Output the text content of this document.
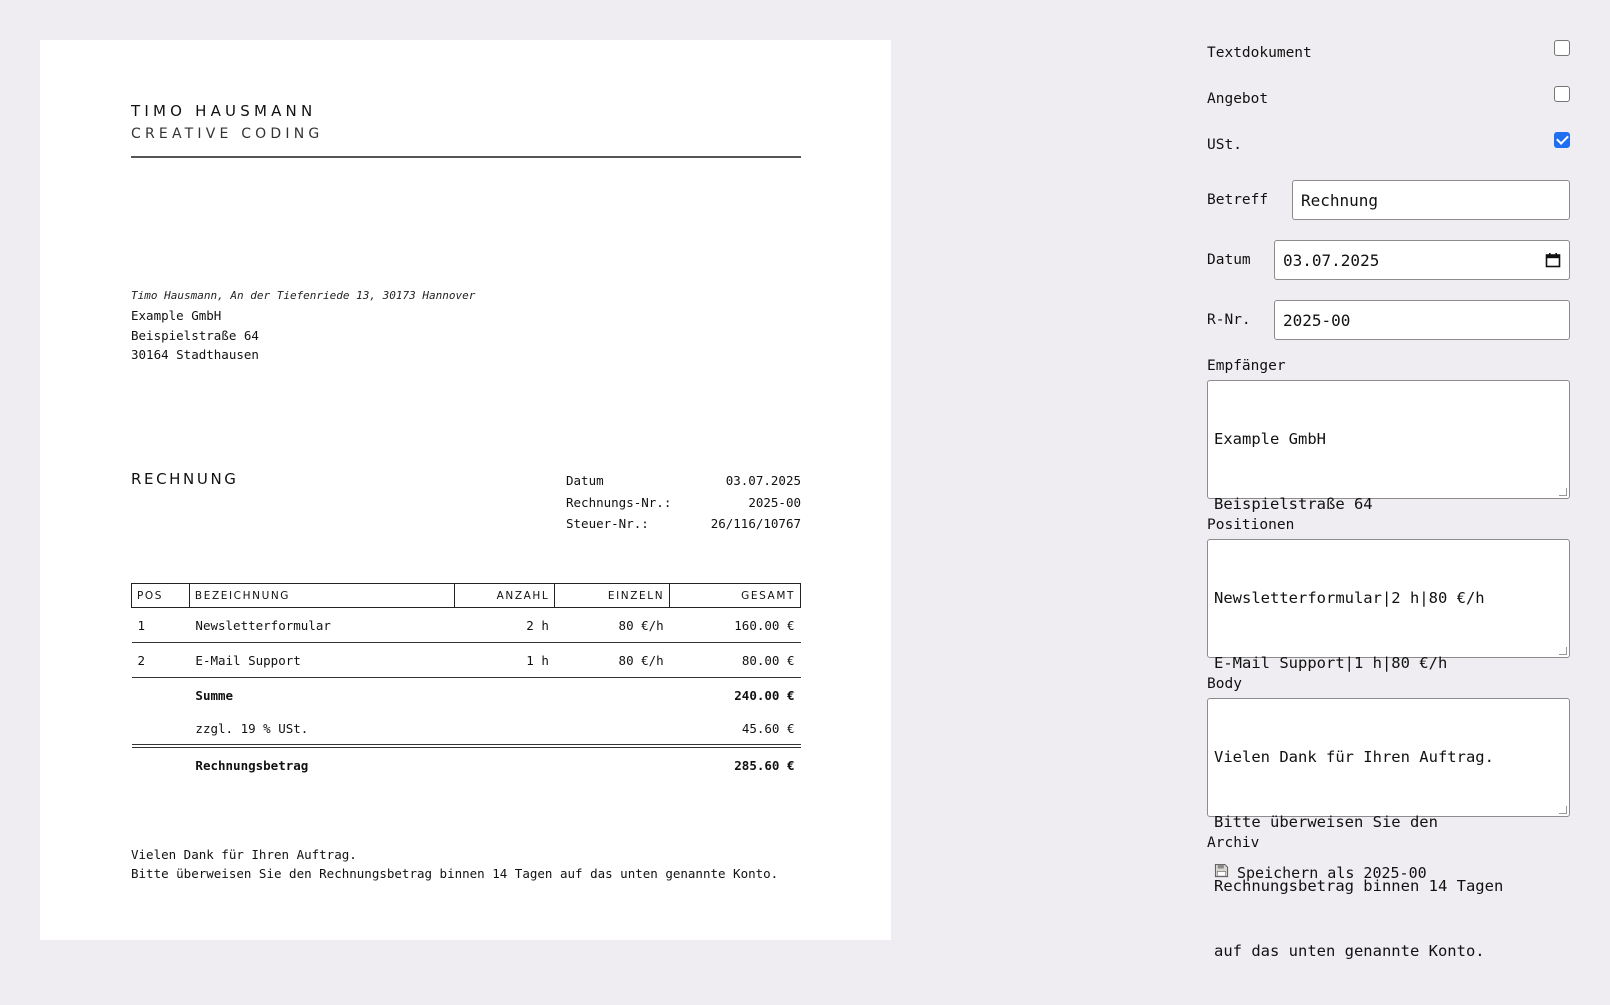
TIMO HAUSMANN
CREATIVE CODING
Timo Hausmann, An der Tiefenriede 13, 30173 Hannover
Example GmbH
Beispielstraße 64
30164 Stadthausen
RECHNUNG	Datum	03.07.2025
Rechnungs-Nr.:	2025-00
Steuer-Nr.:	26/116/10767
POS	BEZEICHNUNG	ANZAHL	EINZELN	GESAMT
1	Newsletterformular	2 h	80 €/h	160.00 €
2	E-Mail Support	1 h	80 €/h	80.00 €
	Summe			240.00 €
	zzgl. 19 % USt.			45.60 €
	Rechnungsbetrag			285.60 €
Vielen Dank für Ihren Auftrag.
Bitte überweisen Sie den Rechnungsbetrag binnen 14 Tagen auf das unten genannte Konto.
Textdokument
Angebot
USt.
Betreff Rechnung
Datum 03.07.2025
R-Nr. 2025-00
Empfänger

Example GmbH

Beispielstraße 64

Positionen

Newsletterformular|2 h|80 €/h

E-Mail Support|1 h|80 €/h

Body

Vielen Dank für Ihren Auftrag.

Bitte überweisen Sie den

Rechnungsbetrag binnen 14 Tagen

auf das unten genannte Konto.

Archiv
Speichern als 2025-00
